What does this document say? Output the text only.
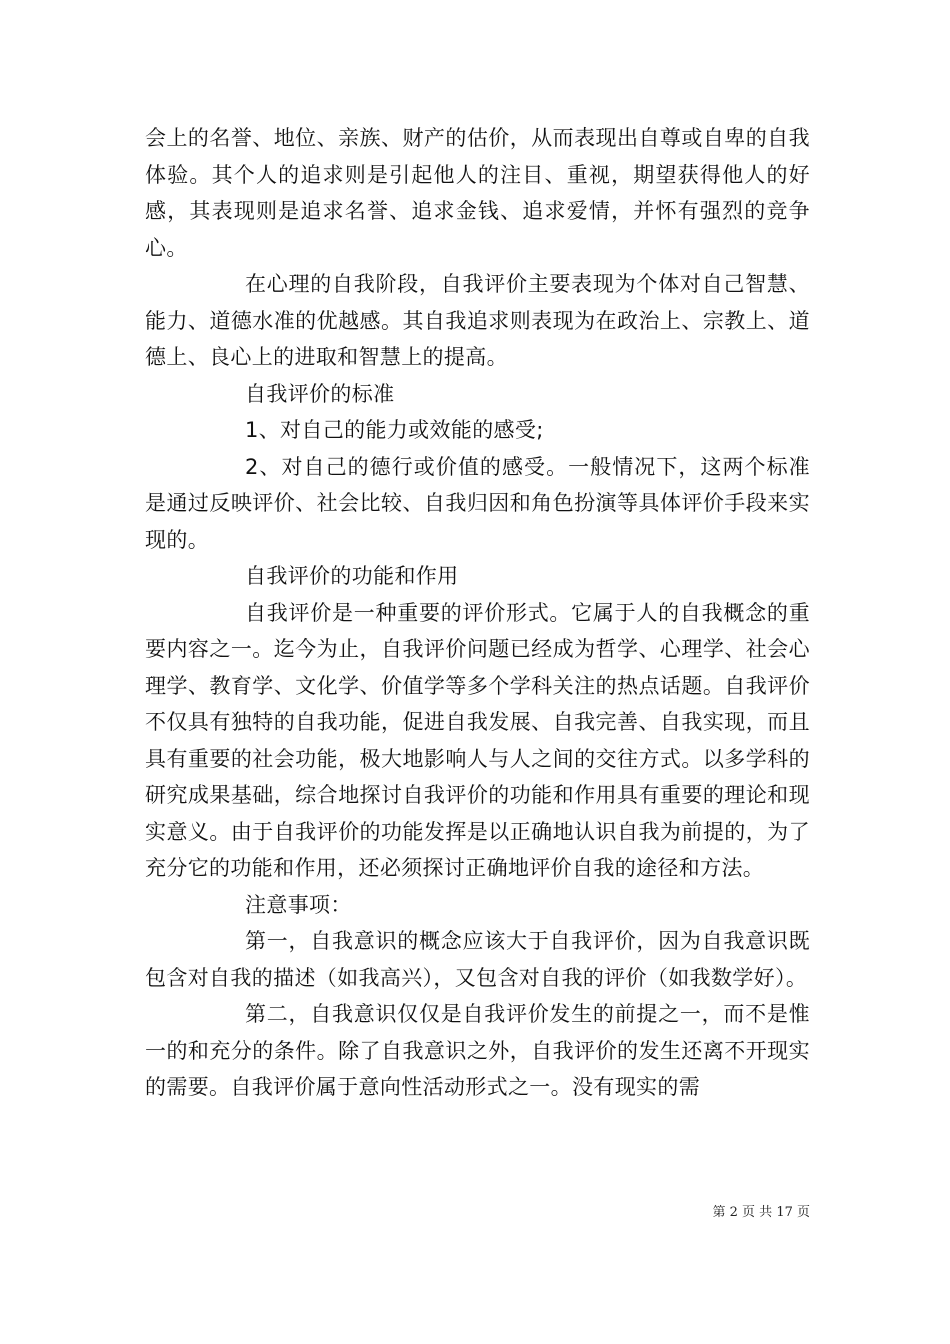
会上的名誉、地位、亲族、财产的估价，从而表现出自尊或自卑的自我体验。其个人的追求则是引起他人的注目、重视，期望获得他人的好感，其表现则是追求名誉、追求金钱、追求爱情，并怀有强烈的竞争心。

在心理的自我阶段，自我评价主要表现为个体对自己智慧、能力、道德水准的优越感。其自我追求则表现为在政治上、宗教上、道德上、良心上的进取和智慧上的提高。

自我评价的标准

1、对自己的能力或效能的感受;

2、对自己的德行或价值的感受。一般情况下，这两个标准是通过反映评价、社会比较、自我归因和角色扮演等具体评价手段来实现的。

自我评价的功能和作用

自我评价是一种重要的评价形式。它属于人的自我概念的重要内容之一。迄今为止，自我评价问题已经成为哲学、心理学、社会心理学、教育学、文化学、价值学等多个学科关注的热点话题。自我评价不仅具有独特的自我功能，促进自我发展、自我完善、自我实现，而且具有重要的社会功能，极大地影响人与人之间的交往方式。以多学科的研究成果基础，综合地探讨自我评价的功能和作用具有重要的理论和现实意义。由于自我评价的功能发挥是以正确地认识自我为前提的，为了充分它的功能和作用，还必须探讨正确地评价自我的途径和方法。

注意事项：

第一，自我意识的概念应该大于自我评价，因为自我意识既包含对自我的描述（如我高兴），又包含对自我的评价（如我数学好）。

第二，自我意识仅仅是自我评价发生的前提之一，而不是惟一的和充分的条件。除了自我意识之外，自我评价的发生还离不开现实的需要。自我评价属于意向性活动形式之一。没有现实的需

第 2 页 共 17 页
